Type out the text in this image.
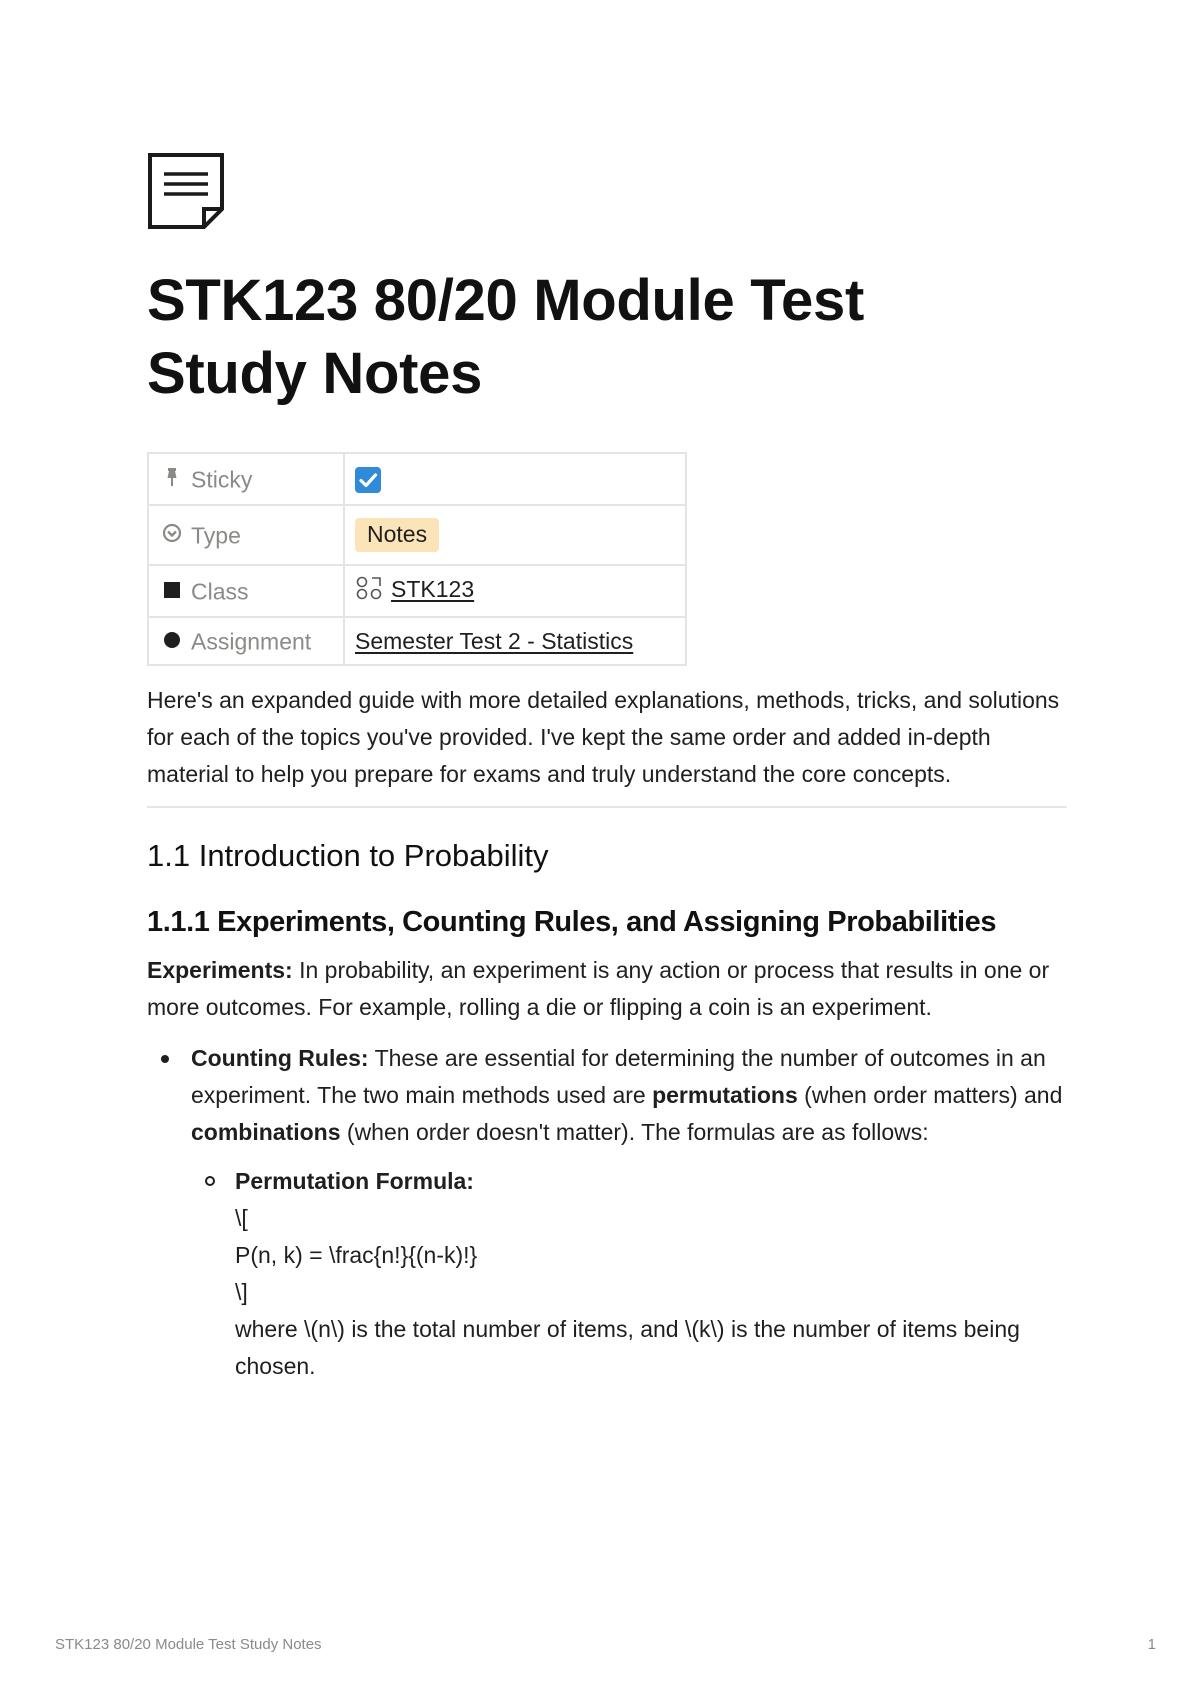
STK123 80/20 Module Test
Study Notes
Sticky	
Type	Notes
Class	STK123
Assignment	Semester Test 2 - Statistics

Here's an expanded guide with more detailed explanations, methods, tricks, and solutions for each of the topics you've provided. I've kept the same order and added in-depth material to help you prepare for exams and truly understand the core concepts.

1.1 Introduction to Probability
1.1.1 Experiments, Counting Rules, and Assigning Probabilities

Experiments: In probability, an experiment is any action or process that results in one or more outcomes. For example, rolling a die or flipping a coin is an experiment.

Counting Rules: These are essential for determining the number of outcomes in an experiment. The two main methods used are permutations (when order matters) and combinations (when order doesn't matter). The formulas are as follows:
Permutation Formula:
\[
P(n, k) = \frac{n!}{(n-k)!}
\]
where \(n\) is the total number of items, and \(k\) is the number of items being chosen.
STK123 80/20 Module Test Study Notes	1
